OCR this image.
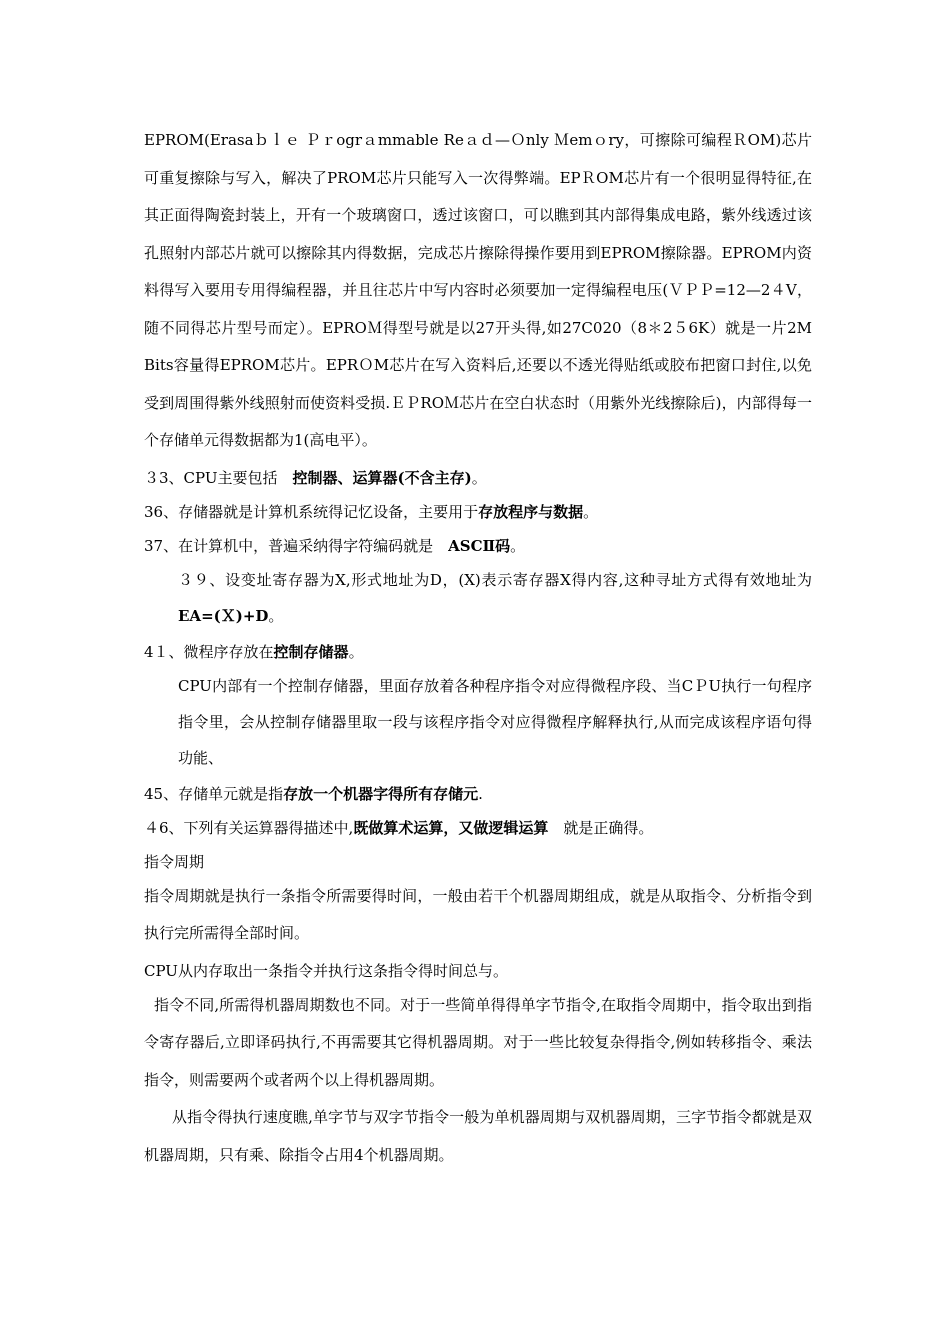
EPROM(Erasaｂｌｅ Ｐｒogrａmmable Reａｄ—Ｏnly Ｍemｏry，可擦除可编程ＲOM)芯片可重复擦除与写入，解决了PROM芯片只能写入一次得弊端。EPＲOM芯片有一个很明显得特征,在其正面得陶瓷封装上，开有一个玻璃窗口，透过该窗口，可以瞧到其内部得集成电路，紫外线透过该孔照射内部芯片就可以擦除其内得数据，完成芯片擦除得操作要用到EPROM擦除器。EPROM内资料得写入要用专用得编程器，并且往芯片中写内容时必须要加一定得编程电压(ＶＰＰ=12—2４V，随不同得芯片型号而定）。EPROＭ得型号就是以27开头得,如27C020（8＊2５6K）就是一片2M　Bits容量得EPROM芯片。EPRＯM芯片在写入资料后,还要以不透光得贴纸或胶布把窗口封住,以免受到周围得紫外线照射而使资料受损.ＥＰROＭ芯片在空白状态时（用紫外光线擦除后)，内部得每一个存储单元得数据都为1(高电平）。

３3、CPU主要包括　控制器、运算器(不含主存)。

36、存储器就是计算机系统得记忆设备，主要用于存放程序与数据。

37、在计算机中，普遍采纳得字符编码就是　ASCⅡ码。

３９、设变址寄存器为X,形式地址为D，(X)表示寄存器X得内容,这种寻址方式得有效地址为　EA=(Ｘ)+D。

4１、微程序存放在控制存储器。

CPU内部有一个控制存储器，里面存放着各种程序指令对应得微程序段、当CＰU执行一句程序指令里，会从控制存储器里取一段与该程序指令对应得微程序解释执行,从而完成该程序语句得功能、

45、存储单元就是指存放一个机器字得所有存储元.

４6、下列有关运算器得描述中,既做算术运算，又做逻辑运算　就是正确得。

指令周期

指令周期就是执行一条指令所需要得时间，一般由若干个机器周期组成，就是从取指令、分析指令到执行完所需得全部时间。

CPU从内存取出一条指令并执行这条指令得时间总与。

指令不同,所需得机器周期数也不同。对于一些简单得得单字节指令,在取指令周期中，指令取出到指令寄存器后,立即译码执行,不再需要其它得机器周期。对于一些比较复杂得指令,例如转移指令、乘法指令，则需要两个或者两个以上得机器周期。

从指令得执行速度瞧,单字节与双字节指令一般为单机器周期与双机器周期，三字节指令都就是双机器周期，只有乘、除指令占用4个机器周期。
